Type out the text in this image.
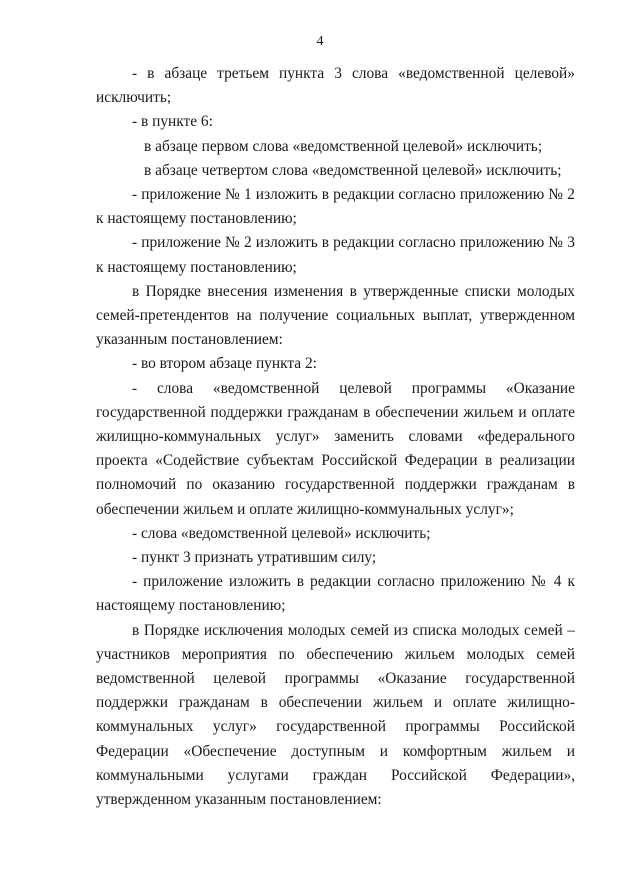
4

- в абзаце третьем пункта 3 слова «ведомственной целевой» исключить;

- в пункте 6:

в абзаце первом слова «ведомственной целевой» исключить;

в абзаце четвертом слова «ведомственной целевой» исключить;

- приложение № 1 изложить в редакции согласно приложению № 2 к настоящему постановлению;

- приложение № 2 изложить в редакции согласно приложению № 3 к настоящему постановлению;

в Порядке внесения изменения в утвержденные списки молодых семей-претендентов на получение социальных выплат, утвержденном указанным постановлением:

- во втором абзаце пункта 2:

- слова «ведомственной целевой программы «Оказание государственной поддержки гражданам в обеспечении жильем и оплате жилищно-коммунальных услуг» заменить словами «федерального проекта «Содействие субъектам Российской Федерации в реализации полномочий по оказанию государственной поддержки гражданам в обеспечении жильем и оплате жилищно-коммунальных услуг»;

- слова «ведомственной целевой» исключить;

- пункт 3 признать утратившим силу;

- приложение изложить в редакции согласно приложению № 4 к настоящему постановлению;

в Порядке исключения молодых семей из списка молодых семей – участников мероприятия по обеспечению жильем молодых семей ведомственной целевой программы «Оказание государственной поддержки гражданам в обеспечении жильем и оплате жилищно-коммунальных услуг» государственной программы Российской Федерации «Обеспечение доступным и комфортным жильем и коммунальными услугами граждан Российской Федерации», утвержденном указанным постановлением:
